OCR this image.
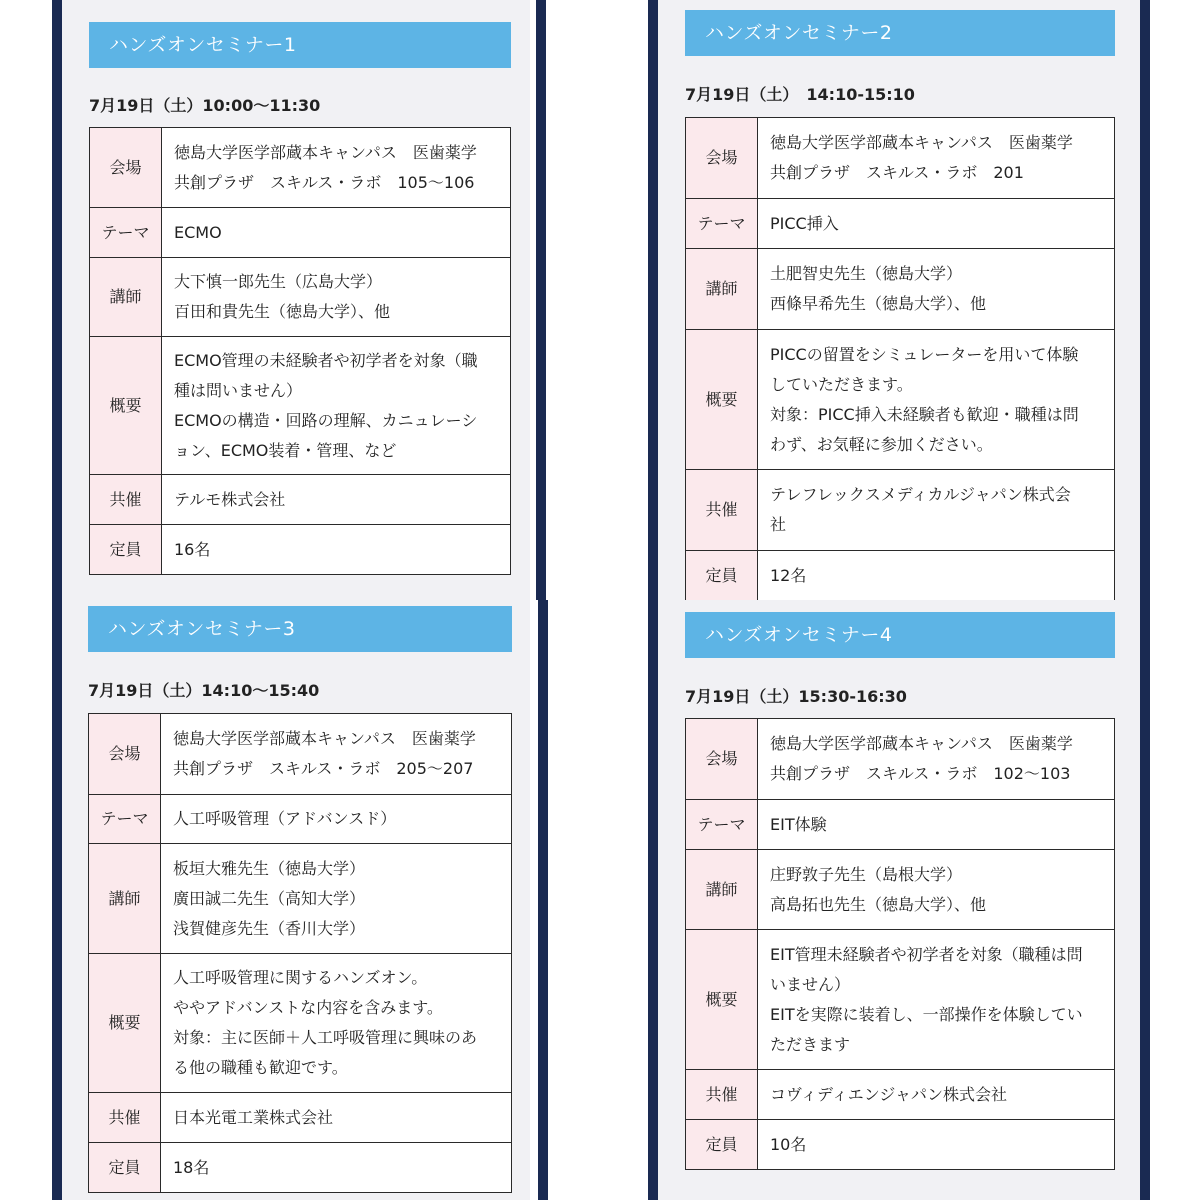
ハンズオンセミナー1
7月19日（土）10:00〜11:30
会場	徳島大学医学部蔵本キャンパス　医歯薬学
共創プラザ　スキルス・ラボ　105〜106

テーマ	ECMO
講師	大下慎一郎先生（広島大学）
百田和貴先生（徳島大学）、他

概要	ECMO管理の未経験者や初学者を対象（職
種は問いません）
ECMOの構造・回路の理解、カニュレーシ
ョン、ECMO装着・管理、など

共催	テルモ株式会社

定員	16名
ハンズオンセミナー2
7月19日（土）　14:10-15:10
会場	徳島大学医学部蔵本キャンパス　医歯薬学
共創プラザ　スキルス・ラボ　201

テーマ	PICC挿入
講師	土肥智史先生（徳島大学）
西條早希先生（徳島大学）、他

概要	PICCの留置をシミュレーターを用いて体験
していただきます。
対象：PICC挿入未経験者も歓迎・職種は問
わず、お気軽に参加ください。

共催	テレフレックスメディカルジャパン株式会
社

定員	12名
ハンズオンセミナー3
7月19日（土）14:10〜15:40
会場	徳島大学医学部蔵本キャンパス　医歯薬学
共創プラザ　スキルス・ラボ　205〜207

テーマ	人工呼吸管理（アドバンスド）
講師	板垣大雅先生（徳島大学）
廣田誠二先生（高知大学）
浅賀健彦先生（香川大学）

概要	人工呼吸管理に関するハンズオン。
ややアドバンストな内容を含みます。
対象：主に医師＋人工呼吸管理に興味のあ
る他の職種も歓迎です。

共催	日本光電工業株式会社

定員	18名
ハンズオンセミナー4
7月19日（土）15:30-16:30
会場	徳島大学医学部蔵本キャンパス　医歯薬学
共創プラザ　スキルス・ラボ　102〜103

テーマ	EIT体験
講師	庄野敦子先生（島根大学）
高島拓也先生（徳島大学）、他

概要	EIT管理未経験者や初学者を対象（職種は問
いません）
EITを実際に装着し、一部操作を体験してい
ただきます

共催	コヴィディエンジャパン株式会社

定員	10名
